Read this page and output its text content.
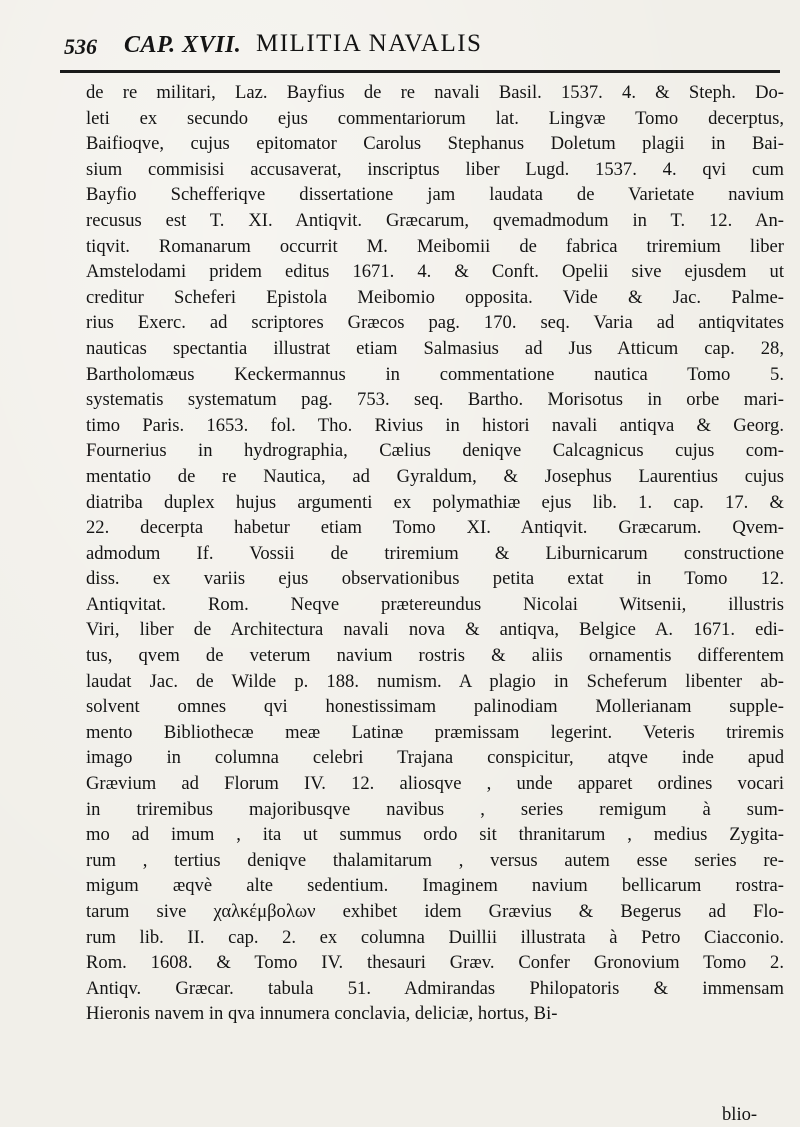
536 CAP. XVII. MILITIA NAVALIS
de re militari, Laz. Bayfius de re navali Basil. 1537. 4. & Steph. Do-
leti ex secundo ejus commentariorum lat. Lingvæ Tomo decerptus,
Baifioqve, cujus epitomator Carolus Stephanus Doletum plagii in Bai-
sium commisisi accusaverat, inscriptus liber Lugd. 1537. 4. qvi cum
Bayfio Schefferiqve dissertatione jam laudata de Varietate navium
recusus est T. XI. Antiqvit. Græcarum, qvemadmodum in T. 12. An-
tiqvit. Romanarum occurrit M. Meibomii de fabrica triremium liber
Amstelodami pridem editus 1671. 4. & Conft. Opelii sive ejusdem ut
creditur Scheferi Epistola Meibomio opposita. Vide & Jac. Palme-
rius Exerc. ad scriptores Græcos pag. 170. seq. Varia ad antiqvitates
nauticas spectantia illustrat etiam Salmasius ad Jus Atticum cap. 28,
Bartholomæus Keckermannus in commentatione nautica Tomo 5.
systematis systematum pag. 753. seq. Bartho. Morisotus in orbe mari-
timo Paris. 1653. fol. Tho. Rivius in histori navali antiqva & Georg.
Fournerius in hydrographia, Cælius deniqve Calcagnicus cujus com-
mentatio de re Nautica, ad Gyraldum, & Josephus Laurentius cujus
diatriba duplex hujus argumenti ex polymathiæ ejus lib. 1. cap. 17. &
22. decerpta habetur etiam Tomo XI. Antiqvit. Græcarum. Qvem-
admodum If. Vossii de triremium & Liburnicarum constructione
diss. ex variis ejus observationibus petita extat in Tomo 12.
Antiqvitat. Rom. Neqve prætereundus Nicolai Witsenii, illustris
Viri, liber de Architectura navali nova & antiqva, Belgice A. 1671. edi-
tus, qvem de veterum navium rostris & aliis ornamentis differentem
laudat Jac. de Wilde p. 188. numism. A plagio in Scheferum libenter ab-
solvent omnes qvi honestissimam palinodiam Mollerianam supple-
mento Bibliothecæ meæ Latinæ præmissam legerint. Veteris triremis
imago in columna celebri Trajana conspicitur, atqve inde apud
Grævium ad Florum IV. 12. aliosqve , unde apparet ordines vocari
in triremibus majoribusqve navibus , series remigum à sum-
mo ad imum , ita ut summus ordo sit thranitarum , medius Zygita-
rum , tertius deniqve thalamitarum , versus autem esse series re-
migum æqvè alte sedentium. Imaginem navium bellicarum rostra-
tarum sive χαλκέμβολων exhibet idem Grævius & Begerus ad Flo-
rum lib. II. cap. 2. ex columna Duillii illustrata à Petro Ciacconio.
Rom. 1608. & Tomo IV. thesauri Græv. Confer Gronovium Tomo 2.
Antiqv. Græcar. tabula 51. Admirandas Philopatoris & immensam
Hieronis navem in qva innumera conclavia, deliciæ, hortus, Bi-
blio-
